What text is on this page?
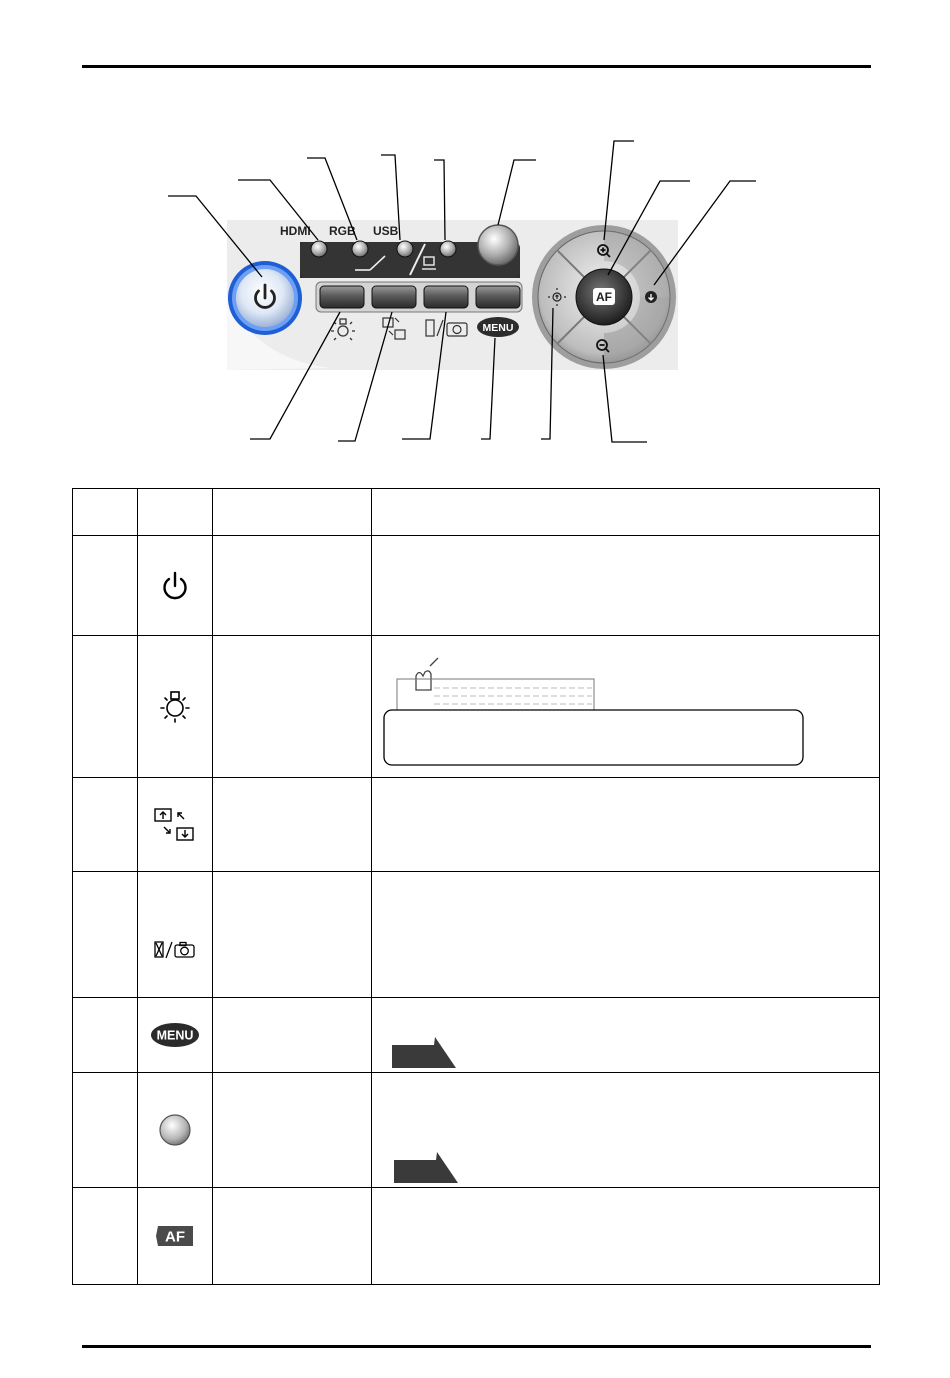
HDMI RGB USB
MENU
AF

MENU

AF		
